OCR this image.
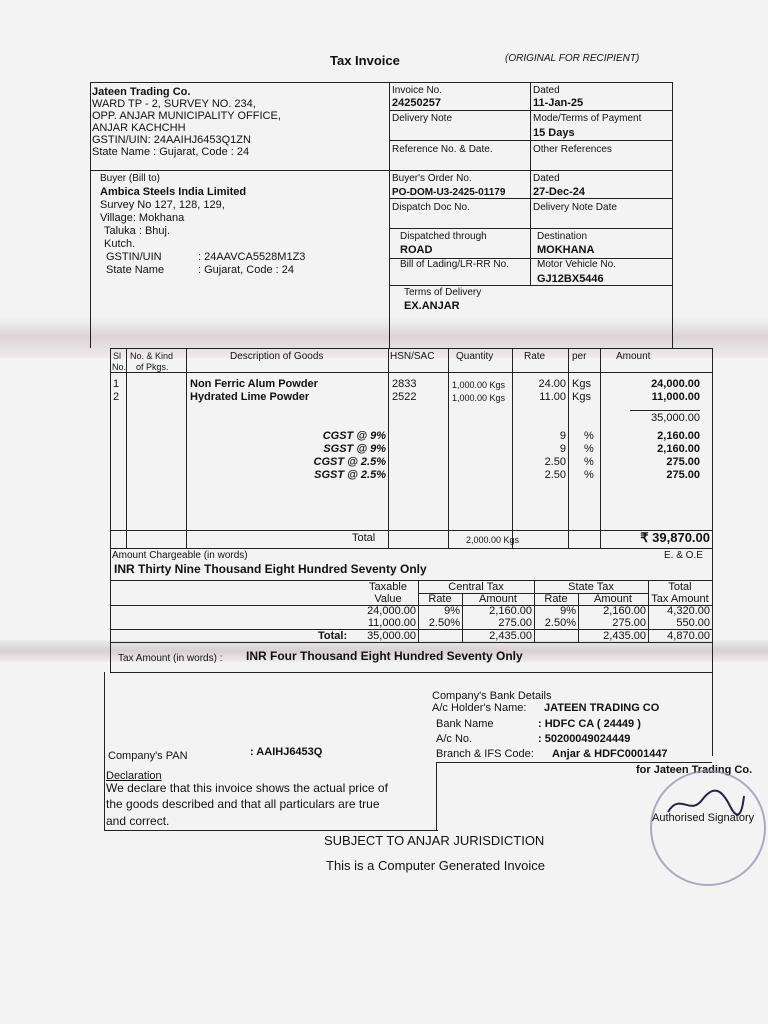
Tax Invoice	(ORIGINAL FOR RECIPIENT)
Jateen Trading Co.
WARD TP - 2, SURVEY NO. 234,
OPP. ANJAR MUNICIPALITY OFFICE,
ANJAR KACHCHH
GSTIN/UIN: 24AAIHJ6453Q1ZN
State Name : Gujarat, Code : 24
Buyer (Bill to)
Ambica Steels India Limited
Survey No 127, 128, 129,
Village: Mokhana
Taluka : Bhuj.
Kutch.
GSTIN/UIN	: 24AAVCA5528M1Z3
State Name	: Gujarat, Code : 24
Invoice No.
24250257
Dated
11-Jan-25
Delivery Note	Mode/Terms of Payment
15 Days
Reference No. & Date.	Other References
Buyer's Order No.
PO-DOM-U3-2425-01179
Dated
27-Dec-24
Dispatch Doc No.	Delivery Note Date
Dispatched through
ROAD
Destination
MOKHANA
Bill of Lading/LR-RR No.	Motor Vehicle No.
GJ12BX5446
Terms of Delivery
EX.ANJAR
Sl
No.
No. & Kind
of Pkgs.
Description of Goods	HSN/SAC Quantity	Rate	per	Amount
1	Non Ferric Alum Powder	2833	1,000.00 Kgs	24.00 Kgs	24,000.00
2	Hydrated Lime Powder	2522	1,000.00 Kgs	11.00 Kgs	11,000.00
35,000.00
CGST @ 9%	9 %	2,160.00
SGST @ 9%	9 %	2,160.00
CGST @ 2.5%	2.50 %	275.00
SGST @ 2.5%	2.50 %	275.00
Total	2,000.00 Kgs	₹ 39,870.00
Amount Chargeable (in words)	E. & O.E
INR Thirty Nine Thousand Eight Hundred Seventy Only
Taxable
Value
Central Tax	State Tax	Total
Tax Amount
Rate	Amount	Rate	Amount
24,000.00	9%	2,160.00	9%	2,160.00	4,320.00
11,000.00	2.50%	275.00	2.50%	275.00	550.00
Total:	35,000.00	2,435.00	2,435.00	4,870.00
Tax Amount (in words) : INR Four Thousand Eight Hundred Seventy Only
Company's Bank Details
A/c Holder's Name: JATEEN TRADING CO
Bank Name	: HDFC CA ( 24449 )
A/c No.	: 50200049024449
Branch & IFS Code: Anjar & HDFC0001447
Company's PAN	: AAIHJ6453Q
Declaration
We declare that this invoice shows the actual price of
the goods described and that all particulars are true
and correct.
for Jateen Trading Co.
Authorised Signatory
SUBJECT TO ANJAR JURISDICTION
This is a Computer Generated Invoice
